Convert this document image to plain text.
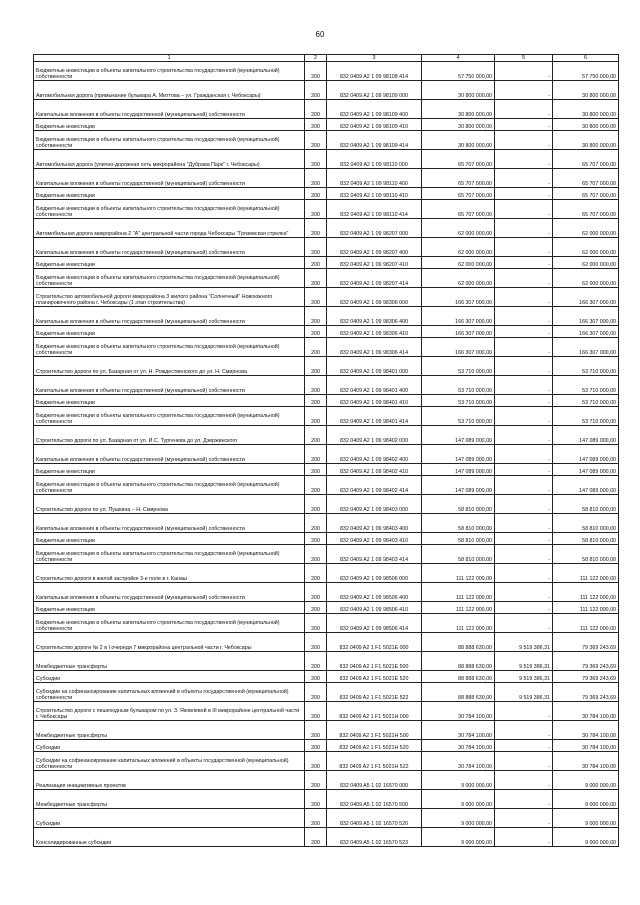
60
1	2	3	4	5	6
Бюджетные инвестиции в объекты капитального строительства государственной (муниципальной) собственности	200	832 0409 A2 1 09 98108 414	57 750 000,00	-	57 750 000,00
Автомобильная дорога (примыкание бульвара А. Миттова – ул. Гражданская г. Чебоксары)	200	832 0409 A2 1 09 98109 000	30 800 000,00	-	30 800 000,00
Капитальные вложения в объекты государственной (муниципальной) собственности	200	832 0409 A2 1 09 98109 400	30 800 000,00	-	30 800 000,00
Бюджетные инвестиции	200	832 0409 A2 1 09 98109 410	30 800 000,00	-	30 800 000,00
Бюджетные инвестиции в объекты капитального строительства государственной (муниципальной) собственности	200	832 0409 A2 1 09 98109 414	30 800 000,00	-	30 800 000,00
Автомобильная дорога (улично-дорожная сеть микрорайона "Дубрава Парк" г. Чебоксары)	200	832 0409 A2 1 09 98110 000	65 707 000,00	-	65 707 000,00
Капитальные вложения в объекты государственной (муниципальной) собственности	200	832 0409 A2 1 09 98110 400	65 707 000,00	-	65 707 000,00
Бюджетные инвестиции	200	832 0409 A2 1 09 98110 410	65 707 000,00	-	65 707 000,00
Бюджетные инвестиции в объекты капитального строительства государственной (муниципальной) собственности	200	832 0409 A2 1 09 98110 414	65 707 000,00	-	65 707 000,00
Автомобильная дорога микрорайона 2 "А" центральной части города Чебоксары "Грязевская стрелка"	200	832 0409 A2 1 09 98207 000	62 000 000,00	-	62 000 000,00
Капитальные вложения в объекты государственной (муниципальной) собственности	200	832 0409 A2 1 09 98207 400	62 000 000,00	-	62 000 000,00
Бюджетные инвестиции	200	832 0409 A2 1 09 98207 410	62 000 000,00	-	62 000 000,00
Бюджетные инвестиции в объекты капитального строительства государственной (муниципальной) собственности	200	832 0409 A2 1 09 98207 414	62 000 000,00	-	62 000 000,00
Строительство автомобильной дороги микрорайона 3 жилого района "Солнечный" Новоюжного планировочного района г. Чебоксары (1 этап строительства)	200	832 0409 A2 1 09 98306 000	166 307 000,00	-	166 307 000,00
Капитальные вложения в объекты государственной (муниципальной) собственности	200	832 0409 A2 1 09 98306 400	166 307 000,00	-	166 307 000,00
Бюджетные инвестиции	200	832 0409 A2 1 09 98306 410	166 307 000,00	-	166 307 000,00
Бюджетные инвестиции в объекты капитального строительства государственной (муниципальной) собственности	200	832 0409 A2 1 09 98306 414	166 307 000,00	-	166 307 000,00
Строительство дороги по ул. Базарная от ул. Н. Рождественского до ул. Н. Смирнова	200	832 0409 A2 1 09 98401 000	53 710 000,00	-	53 710 000,00
Капитальные вложения в объекты государственной (муниципальной) собственности	200	832 0409 A2 1 09 98401 400	53 710 000,00	-	53 710 000,00
Бюджетные инвестиции	200	832 0409 A2 1 09 98401 410	53 710 000,00	-	53 710 000,00
Бюджетные инвестиции в объекты капитального строительства государственной (муниципальной) собственности	200	832 0409 A2 1 09 98401 414	53 710 000,00	-	53 710 000,00
Строительство дороги по ул. Базарная от ул. И.С. Тургенева до ул. Дзержинского	200	832 0409 A2 1 09 98402 000	147 089 000,00	-	147 089 000,00
Капитальные вложения в объекты государственной (муниципальной) собственности	200	832 0409 A2 1 09 98402 400	147 089 000,00	-	147 089 000,00
Бюджетные инвестиции	200	832 0409 A2 1 09 98402 410	147 089 000,00	-	147 089 000,00
Бюджетные инвестиции в объекты капитального строительства государственной (муниципальной) собственности	200	832 0409 A2 1 09 98402 414	147 089 000,00	-	147 089 000,00
Строительство дороги по ул. Пушкина – Н. Смирнова	200	832 0409 A2 1 09 98403 000	58 810 000,00	-	58 810 000,00
Капитальные вложения в объекты государственной (муниципальной) собственности	200	832 0409 A2 1 09 98403 400	58 810 000,00	-	58 810 000,00
Бюджетные инвестиции	200	832 0409 A2 1 09 98403 410	58 810 000,00	-	58 810 000,00
Бюджетные инвестиции в объекты капитального строительства государственной (муниципальной) собственности	200	832 0409 A2 1 09 98403 414	58 810 000,00	-	58 810 000,00
Строительство дороги в жилой застройке 3-е поле в г. Канаш	200	832 0409 A2 1 09 98506 000	111 122 000,00	-	111 122 000,00
Капитальные вложения в объекты государственной (муниципальной) собственности	200	832 0409 A2 1 09 98506 400	111 122 000,00	-	111 122 000,00
Бюджетные инвестиции	200	832 0409 A2 1 09 98506 410	111 122 000,00	-	111 122 000,00
Бюджетные инвестиции в объекты капитального строительства государственной (муниципальной) собственности	200	832 0409 A2 1 09 98506 414	111 122 000,00	-	111 122 000,00
Строительство дороги № 2 в I очереди 7 микрорайона центральной части г. Чебоксары	200	832 0409 A2 1 F1 5021E 000	88 888 630,00	9 519 386,31	79 369 243,69
Межбюджетные трансферты	200	832 0409 A2 1 F1 5021E 500	88 888 630,00	9 519 386,31	79 369 243,69
Субсидии	200	832 0409 A2 1 F1 5021E 520	88 888 630,00	9 519 386,31	79 369 243,69
Субсидии на софинансирование капитальных вложений в объекты государственной (муниципальной) собственности	200	832 0409 A2 1 F1 5021E 522	88 888 630,00	9 519 386,31	79 369 243,69
Строительство дороги с пешеходным бульваром по ул. З. Яковлевой в III микрорайоне центральной части г. Чебоксары	200	832 0409 A2 1 F1 5021H 000	30 784 100,00	-	30 784 100,00
Межбюджетные трансферты	200	832 0409 A2 1 F1 5021H 500	30 784 100,00	-	30 784 100,00
Субсидии	200	832 0409 A2 1 F1 5021H 520	30 784 100,00	-	30 784 100,00
Субсидии на софинансирование капитальных вложений в объекты государственной (муниципальной) собственности	200	832 0409 A2 1 F1 5021H 522	30 784 100,00	-	30 784 100,00
Реализация инициативных проектов	200	832 0409 A5 1 02 16570 000	9 000 000,00	-	9 000 000,00
Межбюджетные трансферты	200	832 0409 A5 1 02 16570 500	9 000 000,00	-	9 000 000,00
Субсидии	200	832 0409 A5 1 02 16570 520	9 000 000,00	-	9 000 000,00
Консолидированные субсидии	200	832 0409 A5 1 02 16570 523	9 000 000,00	-	9 000 000,00
